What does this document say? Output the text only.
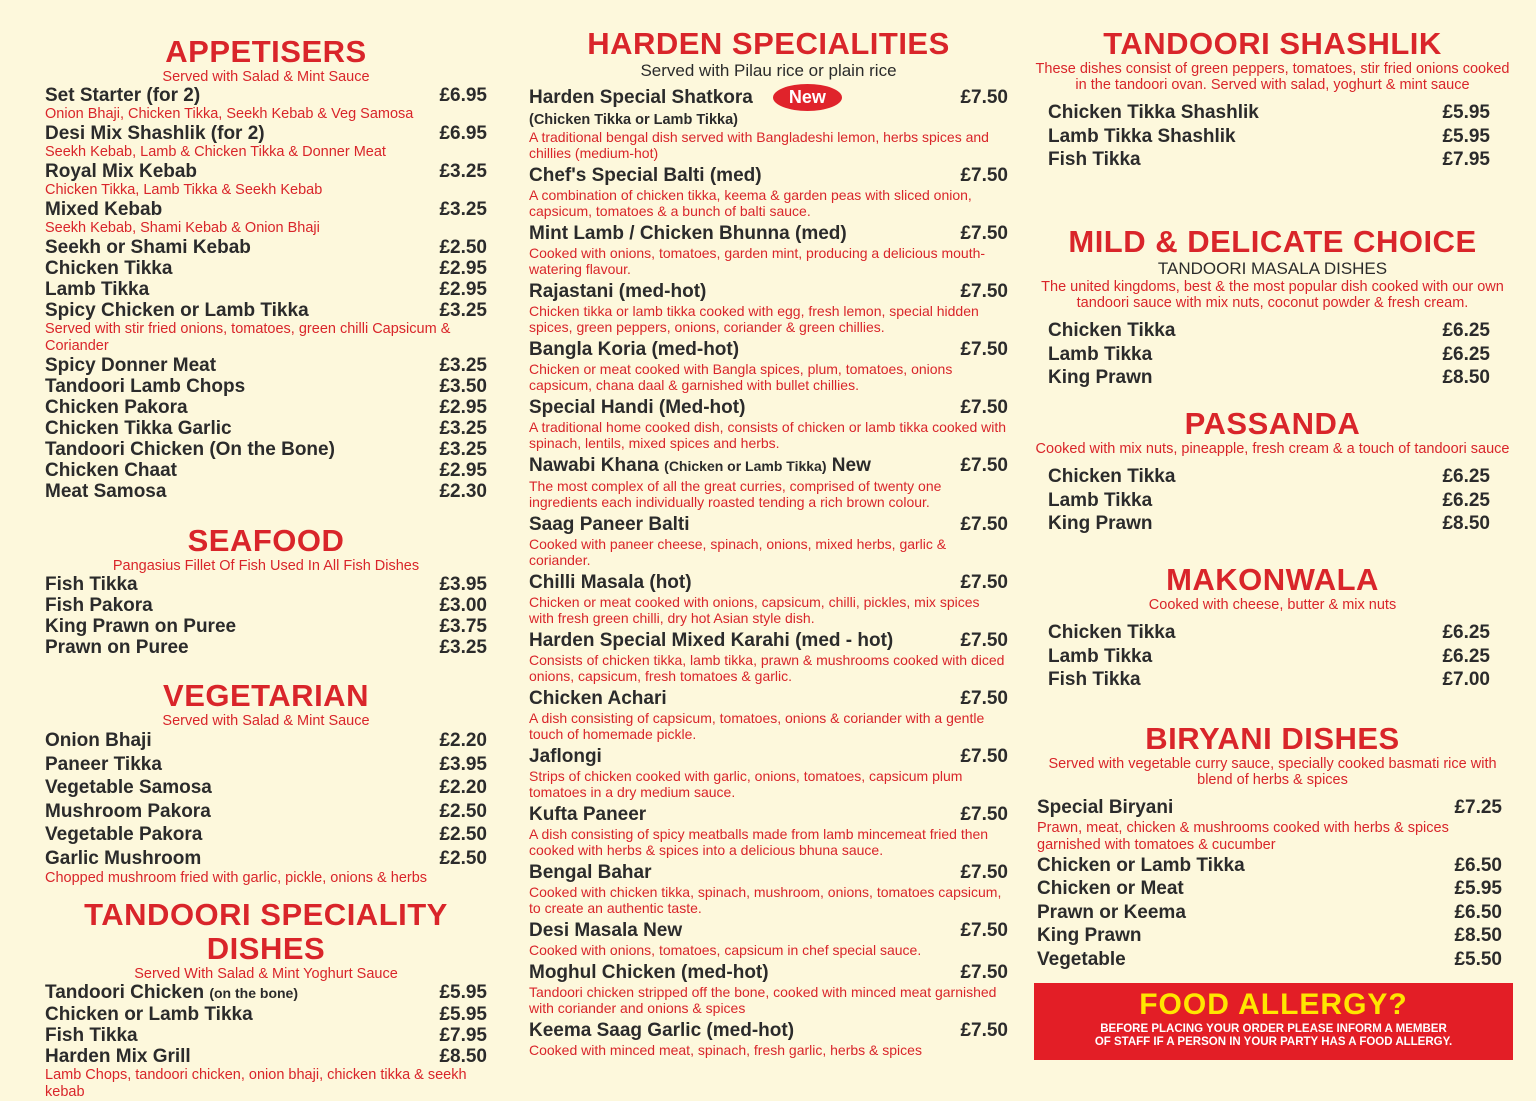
APPETISERS
Served with Salad & Mint Sauce
Set Starter (for 2)	£6.95
Onion Bhaji, Chicken Tikka, Seekh Kebab & Veg Samosa
Desi Mix Shashlik (for 2)	£6.95
Seekh Kebab, Lamb & Chicken Tikka & Donner Meat
Royal Mix Kebab	£3.25
Chicken Tikka, Lamb Tikka & Seekh Kebab
Mixed Kebab	£3.25
Seekh Kebab, Shami Kebab & Onion Bhaji
Seekh or Shami Kebab	£2.50
Chicken Tikka	£2.95
Lamb Tikka	£2.95
Spicy Chicken or Lamb Tikka	£3.25
Served with stir fried onions, tomatoes, green chilli Capsicum & Coriander
Spicy Donner Meat	£3.25
Tandoori Lamb Chops	£3.50
Chicken Pakora	£2.95
Chicken Tikka Garlic	£3.25
Tandoori Chicken (On the Bone)	£3.25
Chicken Chaat	£2.95
Meat Samosa	£2.30
SEAFOOD
Pangasius Fillet Of Fish Used In All Fish Dishes
Fish Tikka	£3.95
Fish Pakora	£3.00
King Prawn on Puree	£3.75
Prawn on Puree	£3.25
VEGETARIAN
Served with Salad & Mint Sauce
Onion Bhaji	£2.20
Paneer Tikka	£3.95
Vegetable Samosa	£2.20
Mushroom Pakora	£2.50
Vegetable Pakora	£2.50
Garlic Mushroom	£2.50
Chopped mushroom fried with garlic, pickle, onions & herbs
TANDOORI SPECIALITY DISHES
Served With Salad & Mint Yoghurt Sauce
Tandoori Chicken (on the bone)	£5.95
Chicken or Lamb Tikka	£5.95
Fish Tikka	£7.95
Harden Mix Grill	£8.50
Lamb Chops, tandoori chicken, onion bhaji, chicken tikka & seekh kebab
HARDEN SPECIALITIES
Served with Pilau rice or plain rice
Harden Special Shatkora New	£7.50
(Chicken Tikka or Lamb Tikka)
A traditional bengal dish served with Bangladeshi lemon, herbs spices and chillies (medium-hot)
Chef's Special Balti (med)	£7.50
A combination of chicken tikka, keema & garden peas with sliced onion, capsicum, tomatoes & a bunch of balti sauce.
Mint Lamb / Chicken Bhunna (med)	£7.50
Cooked with onions, tomatoes, garden mint, producing a delicious mouth-watering flavour.
Rajastani (med-hot)	£7.50
Chicken tikka or lamb tikka cooked with egg, fresh lemon, special hidden spices, green peppers, onions, coriander & green chillies.
Bangla Koria (med-hot)	£7.50
Chicken or meat cooked with Bangla spices, plum, tomatoes, onions capsicum, chana daal & garnished with bullet chillies.
Special Handi (Med-hot)	£7.50
A traditional home cooked dish, consists of chicken or lamb tikka cooked with spinach, lentils, mixed spices and herbs.
Nawabi Khana (Chicken or Lamb Tikka) New	£7.50
The most complex of all the great curries, comprised of twenty one ingredients each individually roasted tending a rich brown colour.
Saag Paneer Balti	£7.50
Cooked with paneer cheese, spinach, onions, mixed herbs, garlic & coriander.
Chilli Masala (hot)	£7.50
Chicken or meat cooked with onions, capsicum, chilli, pickles, mix spices with fresh green chilli, dry hot Asian style dish.
Harden Special Mixed Karahi (med - hot)	£7.50
Consists of chicken tikka, lamb tikka, prawn & mushrooms cooked with diced onions, capsicum, fresh tomatoes & garlic.
Chicken Achari	£7.50
A dish consisting of capsicum, tomatoes, onions & coriander with a gentle touch of homemade pickle.
Jaflongi	£7.50
Strips of chicken cooked with garlic, onions, tomatoes, capsicum plum tomatoes in a dry medium sauce.
Kufta Paneer	£7.50
A dish consisting of spicy meatballs made from lamb mincemeat fried then cooked with herbs & spices into a delicious bhuna sauce.
Bengal Bahar	£7.50
Cooked with chicken tikka, spinach, mushroom, onions, tomatoes capsicum, to create an authentic taste.
Desi Masala New	£7.50
Cooked with onions, tomatoes, capsicum in chef special sauce.
Moghul Chicken (med-hot)	£7.50
Tandoori chicken stripped off the bone, cooked with minced meat garnished with coriander and onions & spices
Keema Saag Garlic (med-hot)	£7.50
Cooked with minced meat, spinach, fresh garlic, herbs & spices
TANDOORI SHASHLIK
These dishes consist of green peppers, tomatoes, stir fried onions cooked in the tandoori ovan. Served with salad, yoghurt & mint sauce
Chicken Tikka Shashlik	£5.95
Lamb Tikka Shashlik	£5.95
Fish Tikka	£7.95
MILD & DELICATE CHOICE
TANDOORI MASALA DISHES
The united kingdoms, best & the most popular dish cooked with our own tandoori sauce with mix nuts, coconut powder & fresh cream.
Chicken Tikka	£6.25
Lamb Tikka	£6.25
King Prawn	£8.50
PASSANDA
Cooked with mix nuts, pineapple, fresh cream & a touch of tandoori sauce
Chicken Tikka	£6.25
Lamb Tikka	£6.25
King Prawn	£8.50
MAKONWALA
Cooked with cheese, butter & mix nuts
Chicken Tikka	£6.25
Lamb Tikka	£6.25
Fish Tikka	£7.00
BIRYANI DISHES
Served with vegetable curry sauce, specially cooked basmati rice with blend of herbs & spices
Special Biryani	£7.25
Prawn, meat, chicken & mushrooms cooked with herbs & spices garnished with tomatoes & cucumber
Chicken or Lamb Tikka	£6.50
Chicken or Meat	£5.95
Prawn or Keema	£6.50
King Prawn	£8.50
Vegetable	£5.50
FOOD ALLERGY?
BEFORE PLACING YOUR ORDER PLEASE INFORM A MEMBER OF STAFF IF A PERSON IN YOUR PARTY HAS A FOOD ALLERGY.
